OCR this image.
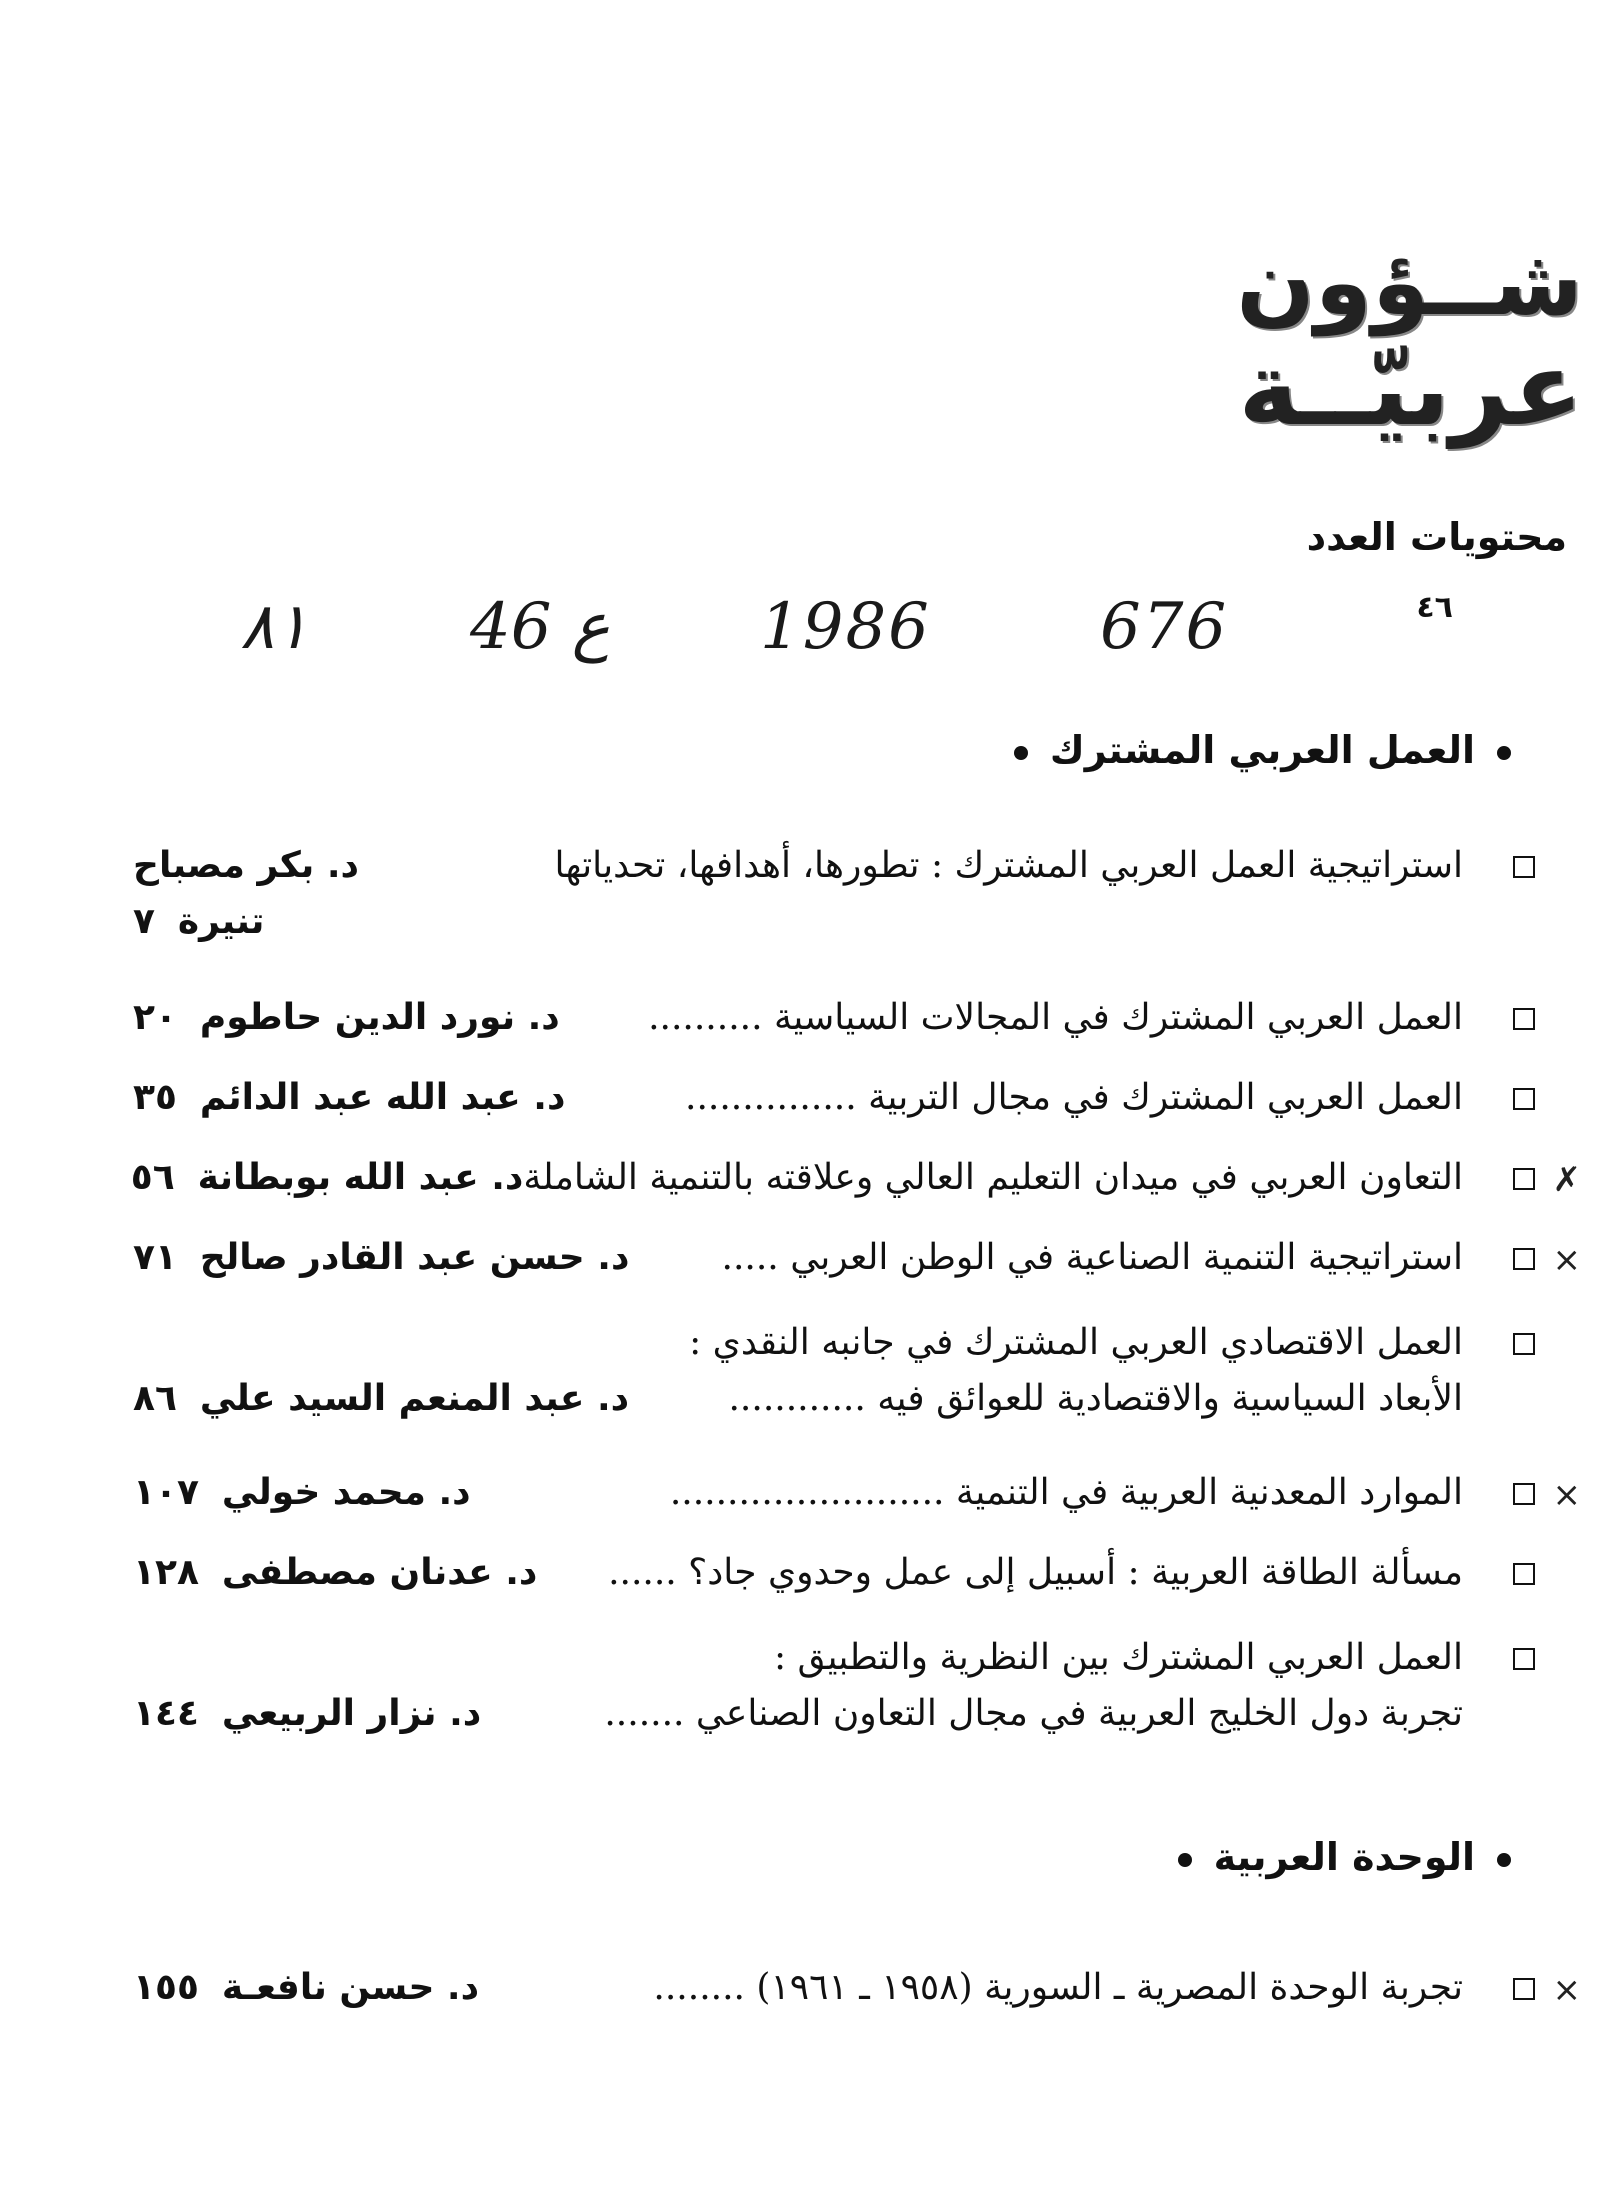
شــؤون
عربيّــة
محتويات العدد
٤٦
٨١	46 ع 1986	676
العمل العربي المشترك
استراتيجية العمل العربي المشترك : تطورها، أهدافها، تحدياتها
د. بكر مصباح
تنيرة

٧
العمل العربي المشترك في المجالات السياسية ..........
د. نورد الدين حاطوم  ٢٠
العمل العربي المشترك في مجال التربية ...............
د. عبد الله عبد الدائم  ٣٥
✗
التعاون العربي في ميدان التعليم العالي وعلاقته بالتنمية الشاملة
د. عبد الله بوبطانة  ٥٦
×
استراتيجية التنمية الصناعية في الوطن العربي .....
د. حسن عبد القادر صالح  ٧١
العمل الاقتصادي العربي المشترك في جانبه النقدي :
الأبعاد السياسية والاقتصادية للعوائق فيه ............
د. عبد المنعم السيد علي  ٨٦
×
الموارد المعدنية العربية في التنمية ........................
د. محمد خولي  ١٠٧
مسألة الطاقة العربية : أسبيل إلى عمل وحدوي جاد؟ ......
د. عدنان مصطفى  ١٢٨
العمل العربي المشترك بين النظرية والتطبيق :
تجربة دول الخليج العربية في مجال التعاون الصناعي .......
د. نزار الربيعي  ١٤٤
الوحدة العربية
×
تجربة الوحدة المصرية ـ السورية (١٩٥٨ ـ ١٩٦١) ........
د. حسن نافعـة  ١٥٥
